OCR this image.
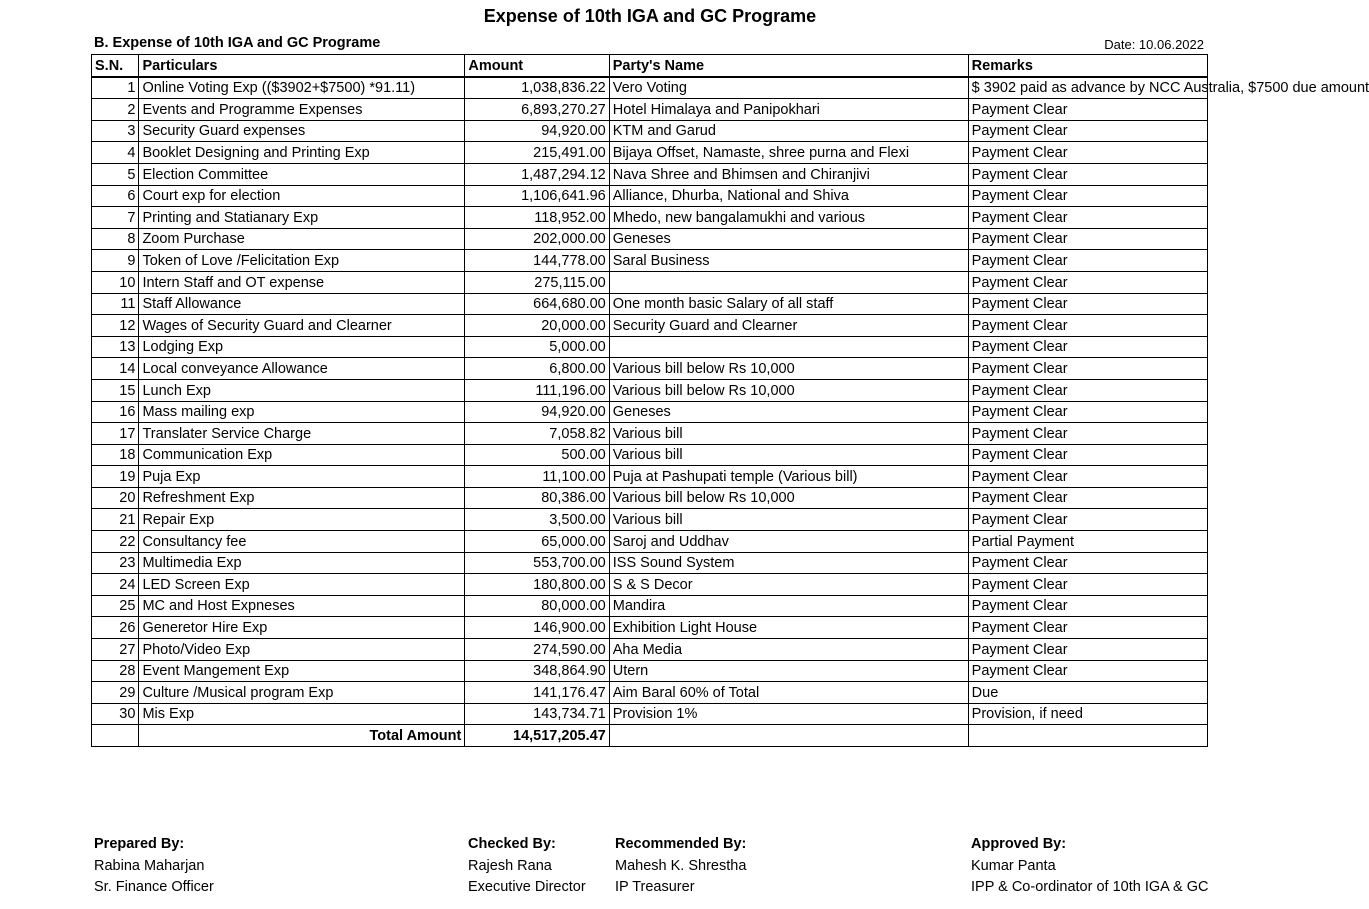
Expense of 10th IGA and GC Programe
B. Expense of 10th IGA and GC Programe	Date: 10.06.2022
S.N.	Particulars	Amount	Party's Name	Remarks
1	Online Voting Exp (($3902+$7500) *91.11)	1,038,836.22	Vero Voting	$ 3902 paid as advance by NCC Australia, $7500 due amount
2	Events and Programme Expenses	6,893,270.27	Hotel Himalaya and Panipokhari	Payment Clear
3	Security Guard expenses	94,920.00	KTM and Garud	Payment Clear
4	Booklet Designing and Printing Exp	215,491.00	Bijaya Offset, Namaste, shree purna and Flexi	Payment Clear
5	Election Committee	1,487,294.12	Nava Shree and Bhimsen and Chiranjivi	Payment Clear
6	Court exp for election	1,106,641.96	Alliance, Dhurba, National and Shiva	Payment Clear
7	Printing and Statianary Exp	118,952.00	Mhedo, new bangalamukhi and various	Payment Clear
8	Zoom Purchase	202,000.00	Geneses	Payment Clear
9	Token of Love /Felicitation Exp	144,778.00	Saral Business	Payment Clear
10	Intern Staff and OT expense	275,115.00		Payment Clear
11	Staff Allowance	664,680.00	One month basic Salary of all staff	Payment Clear
12	Wages of Security Guard and Clearner	20,000.00	Security Guard and Clearner	Payment Clear
13	Lodging Exp	5,000.00		Payment Clear
14	Local conveyance Allowance	6,800.00	Various bill below Rs 10,000	Payment Clear
15	Lunch Exp	111,196.00	Various bill below Rs 10,000	Payment Clear
16	Mass mailing exp	94,920.00	Geneses	Payment Clear
17	Translater Service Charge	7,058.82	Various bill	Payment Clear
18	Communication Exp	500.00	Various bill	Payment Clear
19	Puja Exp	11,100.00	Puja at Pashupati temple (Various bill)	Payment Clear
20	Refreshment Exp	80,386.00	Various bill below Rs 10,000	Payment Clear
21	Repair Exp	3,500.00	Various bill	Payment Clear
22	Consultancy fee	65,000.00	Saroj and Uddhav	Partial Payment
23	Multimedia Exp	553,700.00	ISS Sound System	Payment Clear
24	LED Screen Exp	180,800.00	S & S Decor	Payment Clear
25	MC and Host Expneses	80,000.00	Mandira	Payment Clear
26	Generetor Hire Exp	146,900.00	Exhibition Light House	Payment Clear
27	Photo/Video Exp	274,590.00	Aha Media	Payment Clear
28	Event Mangement Exp	348,864.90	Utern	Payment Clear
29	Culture /Musical program Exp	141,176.47	Aim Baral 60% of Total	Due
30	Mis Exp	143,734.71	Provision 1%	Provision, if need
	Total Amount	14,517,205.47		
Prepared By:
Rabina Maharjan
Sr. Finance Officer
Checked By:
Rajesh Rana
Executive Director
Recommended By:
Mahesh K. Shrestha
IP Treasurer
Approved By:
Kumar Panta
IPP & Co-ordinator of 10th IGA & GC
